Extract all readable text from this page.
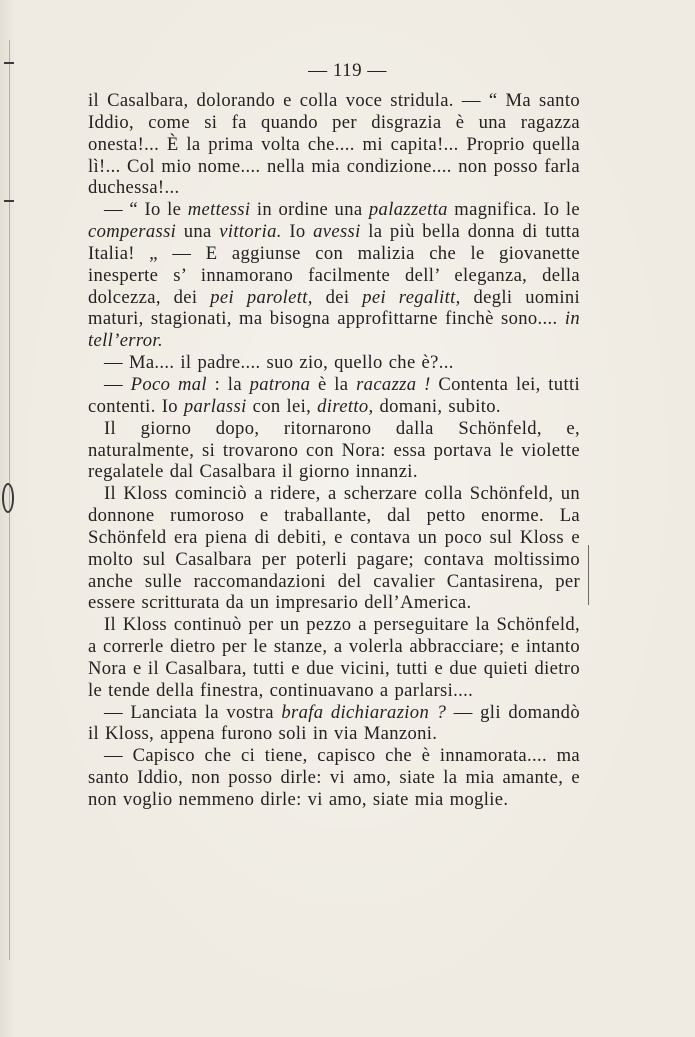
— 119 —

il Casalbara, dolorando e colla voce stridula. — “ Ma santo Iddio, come si fa quando per disgrazia è una ragazza onesta!... È la prima volta che.... mi capita!... Proprio quella lì!... Col mio nome.... nella mia condizione.... non posso farla duchessa!...

— “ Io le mettessi in ordine una palazzetta magnifica. Io le comperassi una vittoria. Io avessi la più bella donna di tutta Italia! „ — E aggiunse con malizia che le giovanette inesperte s’ innamorano facilmente dell’ eleganza, della dolcezza, dei pei parolett, dei pei regalitt, degli uomini maturi, stagionati, ma bisogna approfittarne finchè sono.... in tell’error.

— Ma.... il padre.... suo zio, quello che è?...

— Poco mal : la patrona è la racazza ! Contenta lei, tutti contenti. Io parlassi con lei, diretto, domani, subito.

Il giorno dopo, ritornarono dalla Schönfeld, e, naturalmente, si trovarono con Nora: essa portava le violette regalatele dal Casalbara il giorno innanzi.

Il Kloss cominciò a ridere, a scherzare colla Schönfeld, un donnone rumoroso e traballante, dal petto enorme. La Schönfeld era piena di debiti, e contava un poco sul Kloss e molto sul Casalbara per poterli pagare; contava moltissimo anche sulle raccomandazioni del cavalier Cantasirena, per essere scritturata da un impresario dell’America.

Il Kloss continuò per un pezzo a perseguitare la Schönfeld, a correrle dietro per le stanze, a volerla abbracciare; e intanto Nora e il Casalbara, tutti e due vicini, tutti e due quieti dietro le tende della finestra, continuavano a parlarsi....

— Lanciata la vostra brafa dichiarazion ? — gli domandò il Kloss, appena furono soli in via Manzoni.

— Capisco che ci tiene, capisco che è innamorata.... ma santo Iddio, non posso dirle: vi amo, siate la mia amante, e non voglio nemmeno dirle: vi amo, siate mia moglie.
